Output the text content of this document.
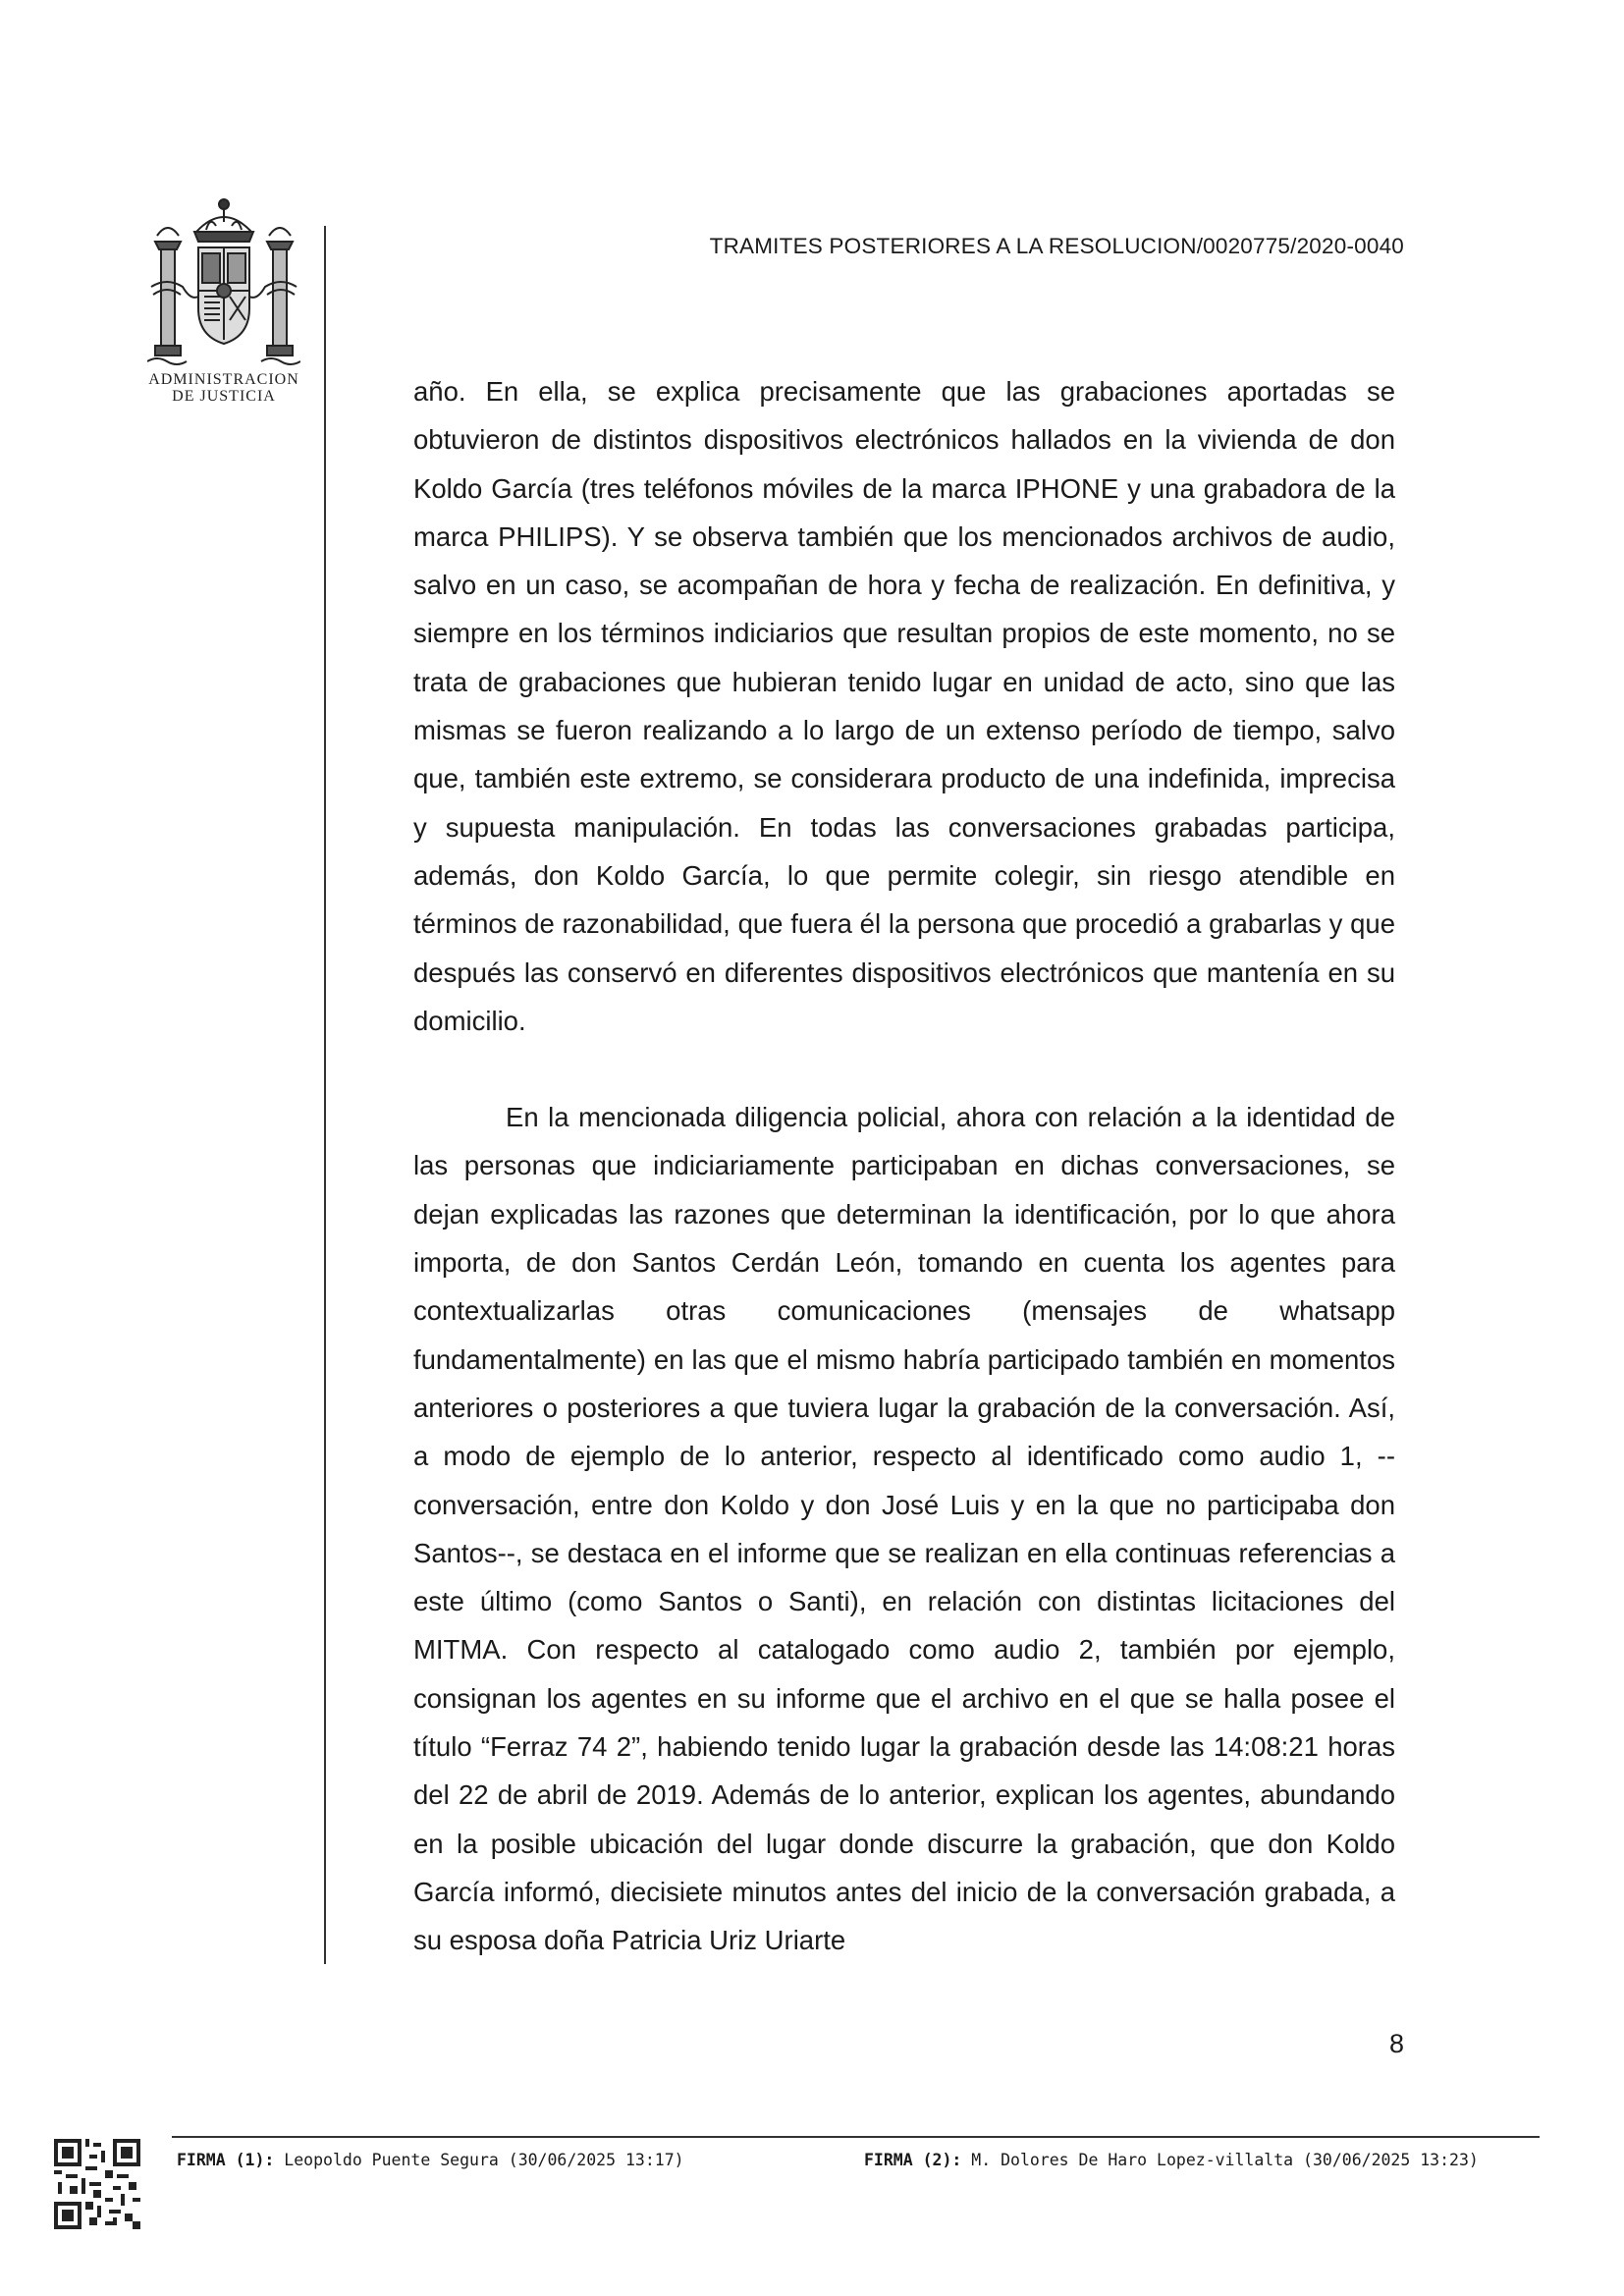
ADMINISTRACION
DE JUSTICIA
TRAMITES POSTERIORES A LA RESOLUCION/0020775/2020-0040

año. En ella, se explica precisamente que las grabaciones aportadas se obtuvieron de distintos dispositivos electrónicos hallados en la vivienda de don Koldo García (tres teléfonos móviles de la marca IPHONE y una grabadora de la marca PHILIPS). Y se observa también que los mencionados archivos de audio, salvo en un caso, se acompañan de hora y fecha de realización. En definitiva, y siempre en los términos indiciarios que resultan propios de este momento, no se trata de grabaciones que hubieran tenido lugar en unidad de acto, sino que las mismas se fueron realizando a lo largo de un extenso período de tiempo, salvo que, también este extremo, se considerara producto de una indefinida, imprecisa y supuesta manipulación. En todas las conversaciones grabadas participa, además, don Koldo García, lo que permite colegir, sin riesgo atendible en términos de razonabilidad, que fuera él la persona que procedió a grabarlas y que después las conservó en diferentes dispositivos electrónicos que mantenía en su domicilio.

En la mencionada diligencia policial, ahora con relación a la identidad de las personas que indiciariamente participaban en dichas conversaciones, se dejan explicadas las razones que determinan la identificación, por lo que ahora importa, de don Santos Cerdán León, tomando en cuenta los agentes para contextualizarlas otras comunicaciones (mensajes de whatsapp fundamentalmente) en las que el mismo habría participado también en momentos anteriores o posteriores a que tuviera lugar la grabación de la conversación. Así, a modo de ejemplo de lo anterior, respecto al identificado como audio 1, --conversación, entre don Koldo y don José Luis y en la que no participaba don Santos--, se destaca en el informe que se realizan en ella continuas referencias a este último (como Santos o Santi), en relación con distintas licitaciones del MITMA. Con respecto al catalogado como audio 2, también por ejemplo, consignan los agentes en su informe que el archivo en el que se halla posee el título “Ferraz 74 2”, habiendo tenido lugar la grabación desde las 14:08:21 horas del 22 de abril de 2019. Además de lo anterior, explican los agentes, abundando en la posible ubicación del lugar donde discurre la grabación, que don Koldo García informó, diecisiete minutos antes del inicio de la conversación grabada, a su esposa doña Patricia Uriz Uriarte

8
FIRMA (1): Leopoldo Puente Segura (30/06/2025 13:17)	FIRMA (2): M. Dolores De Haro Lopez-villalta (30/06/2025 13:23)
